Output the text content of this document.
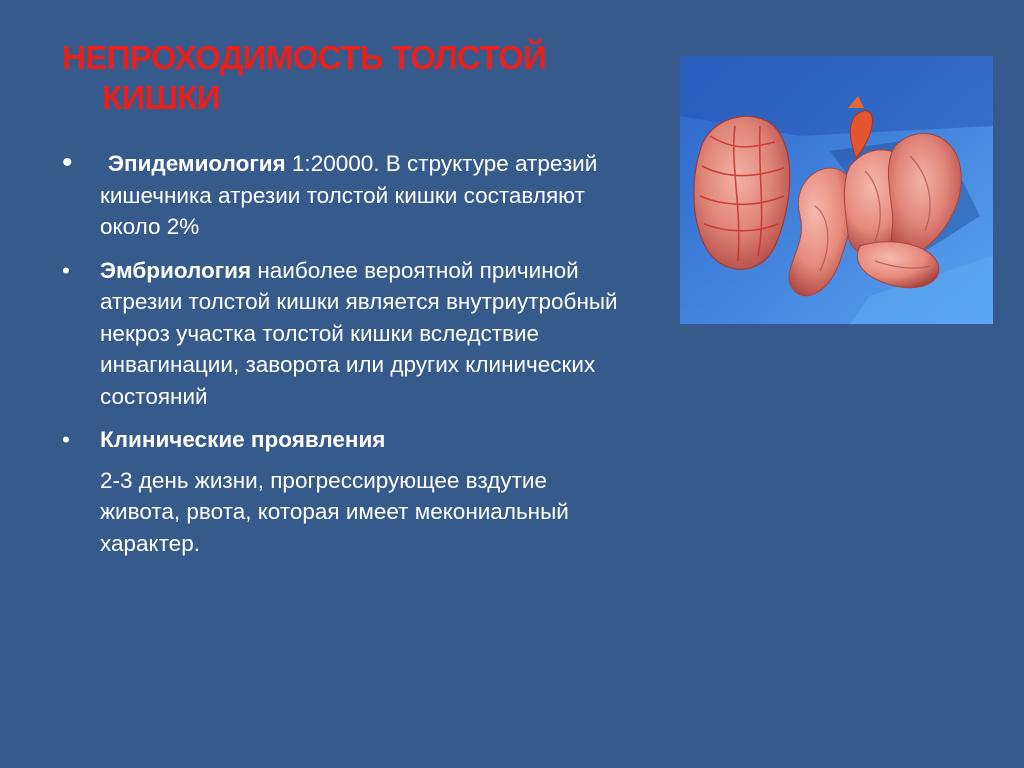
НЕПРОХОДИМОСТЬ ТОЛСТОЙ
КИШКИ
• Эпидемиология 1:20000. В структуре атрезий кишечника атрезии толстой кишки составляют около 2%
• Эмбриология наиболее вероятной причиной атрезии толстой кишки является внутриутробный некроз участка толстой кишки вследствие инвагинации, заворота или других клинических состояний
• Клинические проявления
2-3 день жизни, прогрессирующее вздутие живота, рвота, которая имеет мекониальный характер.
